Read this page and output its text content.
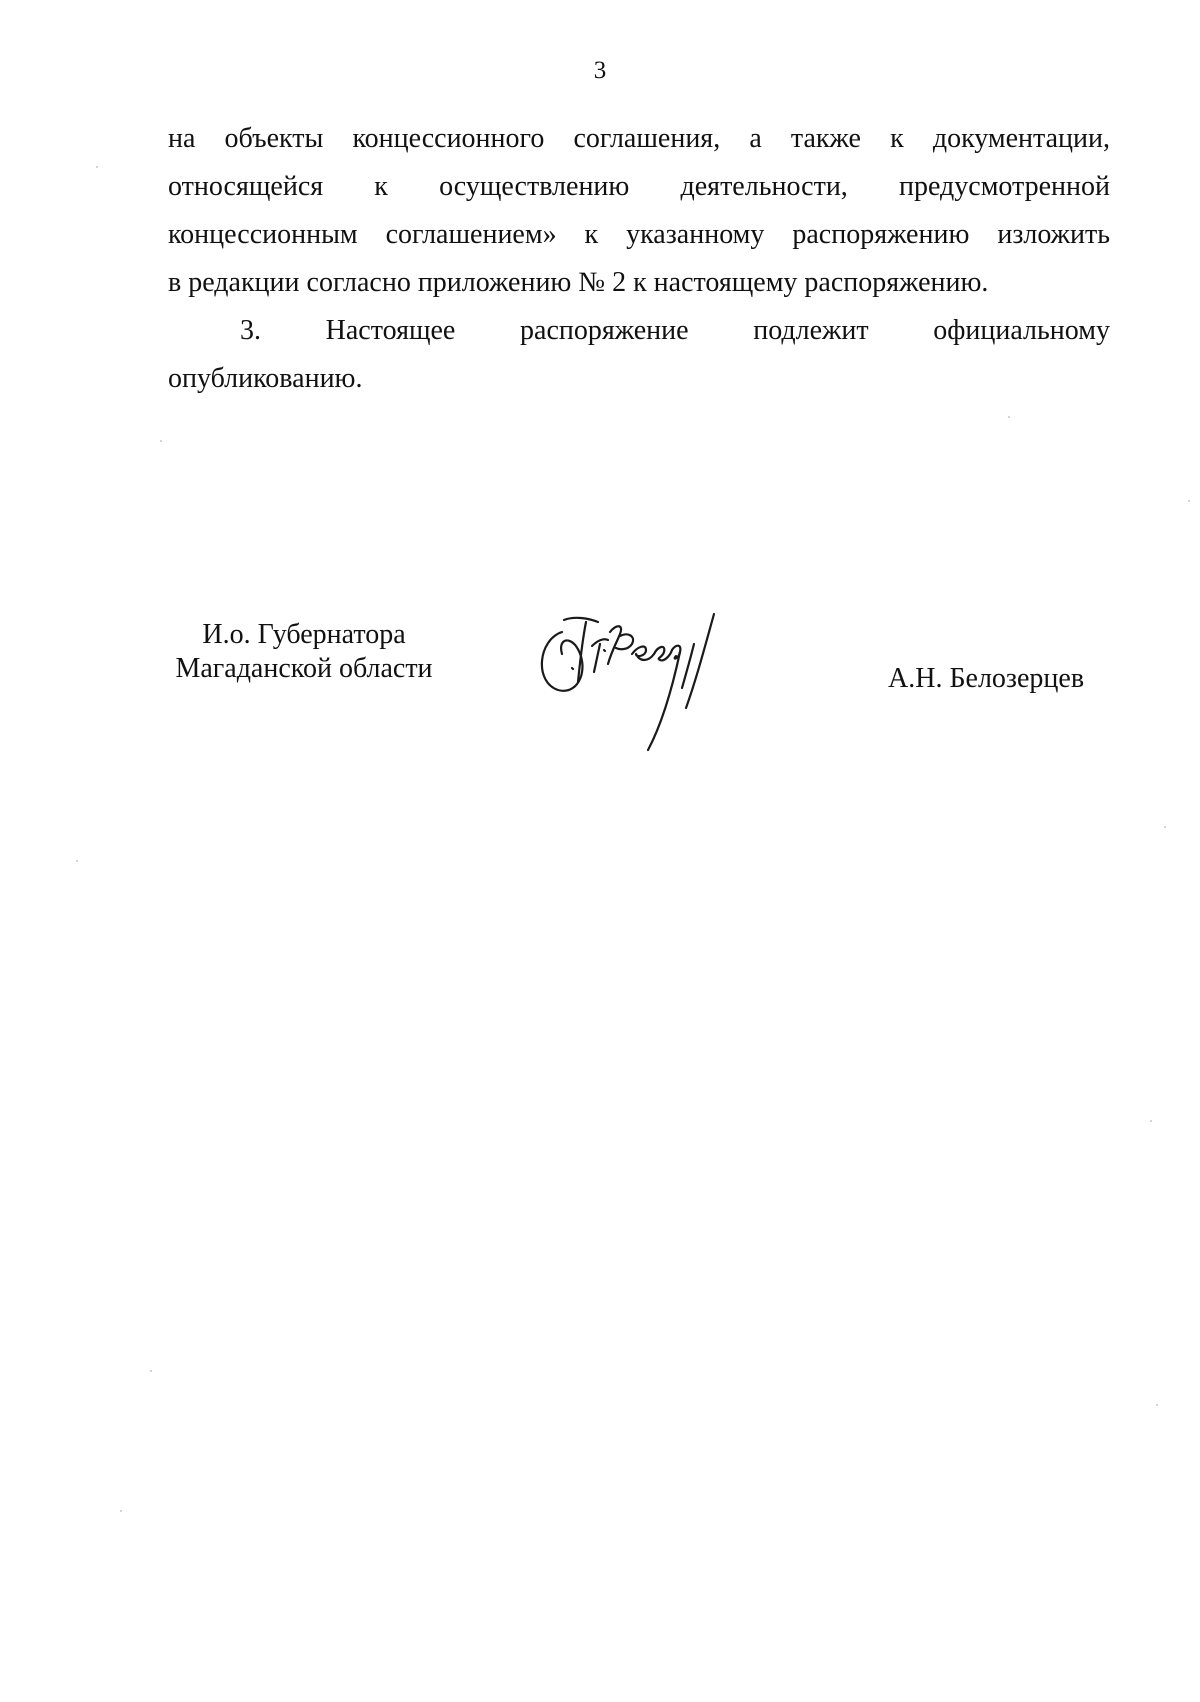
3

на объекты концессионного соглашения, а также к документации,
относящейся к осуществлению деятельности, предусмотренной
концессионным соглашением» к указанному распоряжению изложить
в редакции согласно приложению № 2 к настоящему распоряжению.

3. Настоящее распоряжение подлежит официальному
опубликованию.

И.о. Губернатора
Магаданской области	А.Н. Белозерцев
